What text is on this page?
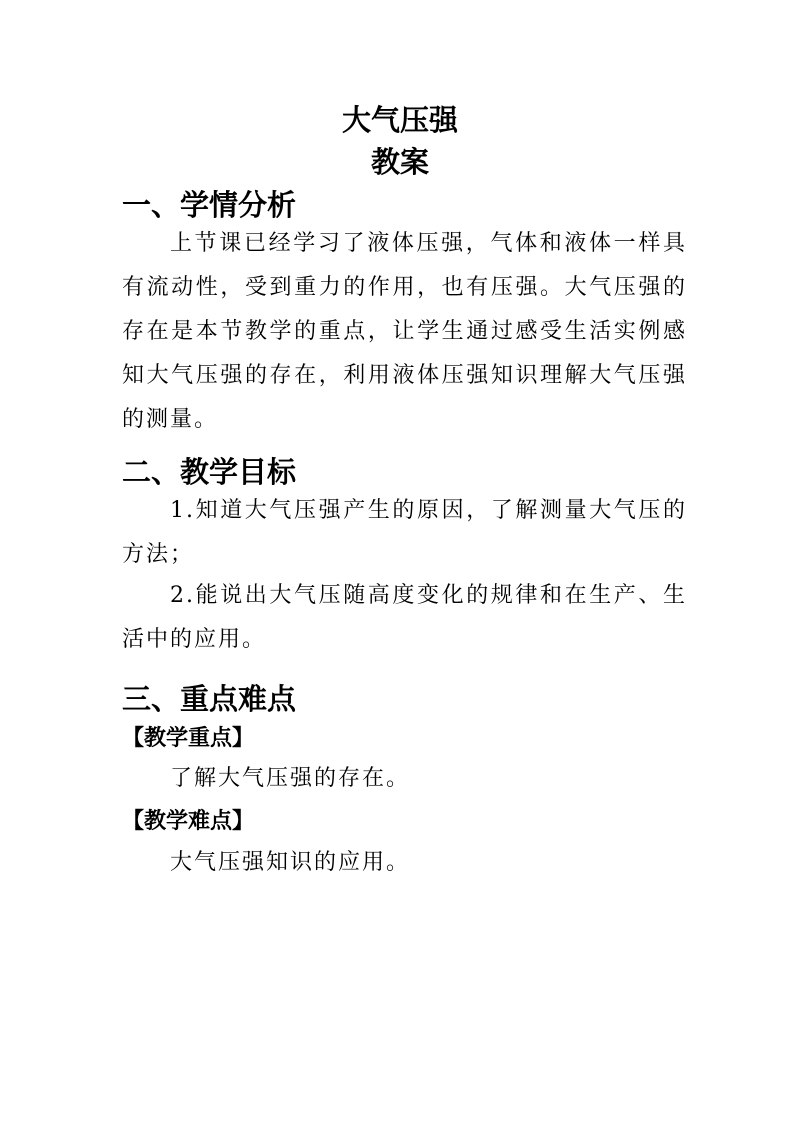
大气压强
教案
一、学情分析

上节课已经学习了液体压强，气体和液体一样具有流动性，受到重力的作用，也有压强。大气压强的存在是本节教学的重点，让学生通过感受生活实例感知大气压强的存在，利用液体压强知识理解大气压强的测量。

二、教学目标

1.知道大气压强产生的原因，了解测量大气压的方法；

2.能说出大气压随高度变化的规律和在生产、生活中的应用。

三、重点难点

【教学重点】

了解大气压强的存在。

【教学难点】

大气压强知识的应用。
